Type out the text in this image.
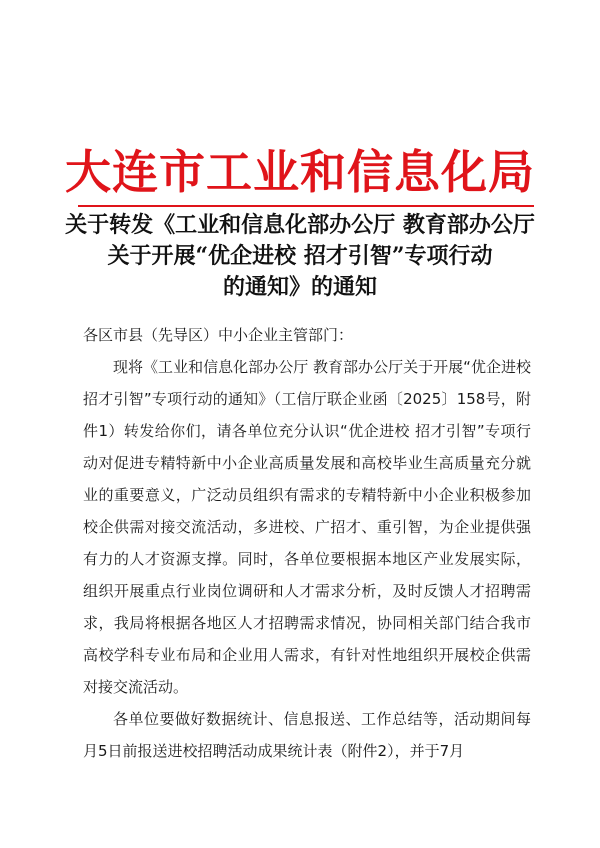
大连市工业和信息化局
关于转发《工业和信息化部办公厅 教育部办公厅
关于开展“优企进校 招才引智”专项行动
的通知》的通知
各区市县（先导区）中小企业主管部门：

现将《工业和信息化部办公厅 教育部办公厅关于开展“优企进校 招才引智”专项行动的通知》（工信厅联企业函〔2025〕158号，附件1）转发给你们，请各单位充分认识“优企进校 招才引智”专项行动对促进专精特新中小企业高质量发展和高校毕业生高质量充分就业的重要意义，广泛动员组织有需求的专精特新中小企业积极参加校企供需对接交流活动，多进校、广招才、重引智，为企业提供强有力的人才资源支撑。同时，各单位要根据本地区产业发展实际，组织开展重点行业岗位调研和人才需求分析，及时反馈人才招聘需求，我局将根据各地区人才招聘需求情况，协同相关部门结合我市高校学科专业布局和企业用人需求，有针对性地组织开展校企供需对接交流活动。

各单位要做好数据统计、信息报送、工作总结等，活动期间每月5日前报送进校招聘活动成果统计表（附件2），并于7月
